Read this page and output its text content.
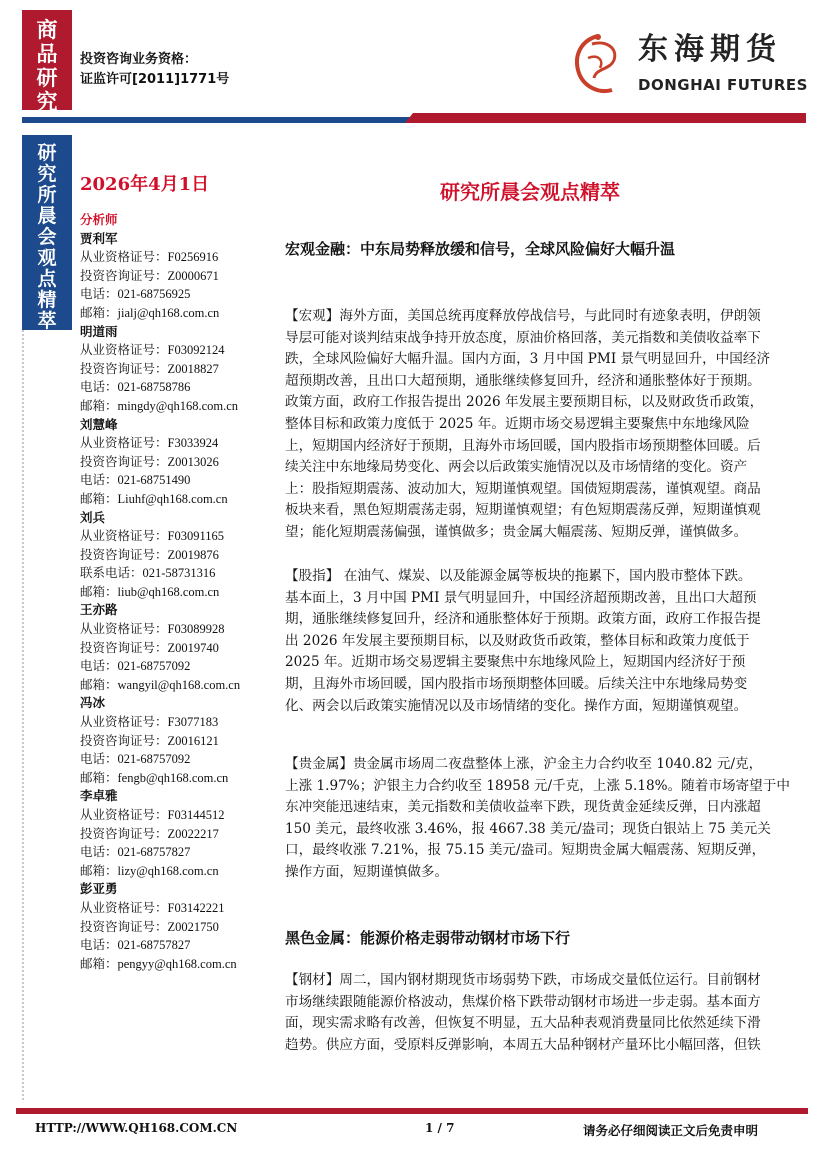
商
品
研
究
投资咨询业务资格：
证监许可[2011]1771号
东海期货
DONGHAI FUTURES
研
究
所
晨
会
观
点
精
萃
2026年4月1日	研究所晨会观点精萃
分析师
贾利军
从业资格证号：F0256916
投资咨询证号：Z0000671
电话：021-68756925
邮箱：jialj@qh168.com.cn
明道雨
从业资格证号：F03092124
投资咨询证号：Z0018827
电话：021-68758786
邮箱：mingdy@qh168.com.cn
刘慧峰
从业资格证号：F3033924
投资咨询证号：Z0013026
电话：021-68751490
邮箱：Liuhf@qh168.com.cn
刘兵
从业资格证号：F03091165
投资咨询证号：Z0019876
联系电话：021-58731316
邮箱：liub@qh168.com.cn
王亦路
从业资格证号：F03089928
投资咨询证号：Z0019740
电话：021-68757092
邮箱：wangyil@qh168.com.cn
冯冰
从业资格证号：F3077183
投资咨询证号：Z0016121
电话：021-68757092
邮箱：fengb@qh168.com.cn
李卓雅
从业资格证号：F03144512
投资咨询证号：Z0022217
电话：021-68757827
邮箱：lizy@qh168.com.cn
彭亚勇
从业资格证号：F03142221
投资咨询证号：Z0021750
电话：021-68757827
邮箱：pengyy@qh168.com.cn
宏观金融：中东局势释放缓和信号，全球风险偏好大幅升温
【宏观】海外方面，美国总统再度释放停战信号，与此同时有迹象表明，伊朗领
导层可能对谈判结束战争持开放态度，原油价格回落，美元指数和美债收益率下
跌，全球风险偏好大幅升温。国内方面，3 月中国 PMI 景气明显回升，中国经济
超预期改善，且出口大超预期，通胀继续修复回升，经济和通胀整体好于预期。
政策方面，政府工作报告提出 2026 年发展主要预期目标，以及财政货币政策，
整体目标和政策力度低于 2025 年。近期市场交易逻辑主要聚焦中东地缘风险
上，短期国内经济好于预期，且海外市场回暖，国内股指市场预期整体回暖。后
续关注中东地缘局势变化、两会以后政策实施情况以及市场情绪的变化。资产
上：股指短期震荡、波动加大，短期谨慎观望。国债短期震荡，谨慎观望。商品
板块来看，黑色短期震荡走弱，短期谨慎观望；有色短期震荡反弹，短期谨慎观
望；能化短期震荡偏强，谨慎做多；贵金属大幅震荡、短期反弹，谨慎做多。
【股指】 在油气、煤炭、以及能源金属等板块的拖累下，国内股市整体下跌。
基本面上，3 月中国 PMI 景气明显回升，中国经济超预期改善，且出口大超预
期，通胀继续修复回升，经济和通胀整体好于预期。政策方面，政府工作报告提
出 2026 年发展主要预期目标，以及财政货币政策，整体目标和政策力度低于
2025 年。近期市场交易逻辑主要聚焦中东地缘风险上，短期国内经济好于预
期，且海外市场回暖，国内股指市场预期整体回暖。后续关注中东地缘局势变
化、两会以后政策实施情况以及市场情绪的变化。操作方面，短期谨慎观望。
【贵金属】贵金属市场周二夜盘整体上涨，沪金主力合约收至 1040.82 元/克，
上涨 1.97%；沪银主力合约收至 18958 元/千克，上涨 5.18%。随着市场寄望于中
东冲突能迅速结束，美元指数和美债收益率下跌，现货黄金延续反弹，日内涨超
150 美元，最终收涨 3.46%，报 4667.38 美元/盎司；现货白银站上 75 美元关
口，最终收涨 7.21%，报 75.15 美元/盎司。短期贵金属大幅震荡、短期反弹，
操作方面，短期谨慎做多。
黑色金属：能源价格走弱带动钢材市场下行
【钢材】周二，国内钢材期现货市场弱势下跌，市场成交量低位运行。目前钢材
市场继续跟随能源价格波动，焦煤价格下跌带动钢材市场进一步走弱。基本面方
面，现实需求略有改善，但恢复不明显，五大品种表观消费量同比依然延续下滑
趋势。供应方面，受原料反弹影响，本周五大品种钢材产量环比小幅回落，但铁
HTTP://WWW.QH168.COM.CN	1 / 7	请务必仔细阅读正文后免责申明
